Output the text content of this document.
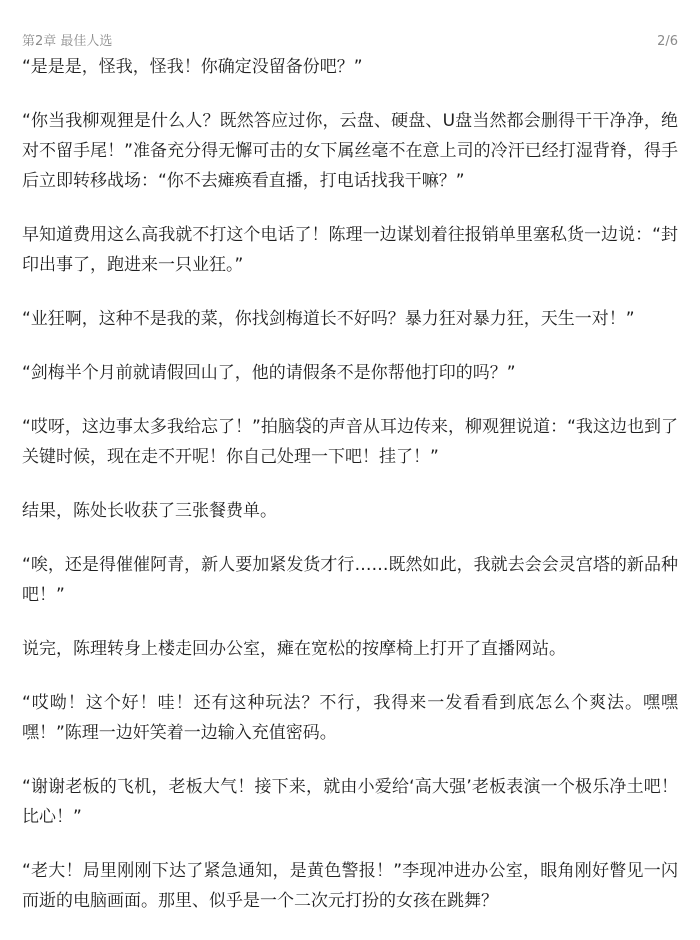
第2章 最佳人选	2/6

“是是是，怪我，怪我！你确定没留备份吧？”

“你当我柳观狸是什么人？既然答应过你，云盘、硬盘、U盘当然都会删得干干净净，绝对不留手尾！”准备充分得无懈可击的女下属丝毫不在意上司的冷汗已经打湿背脊，得手后立即转移战场：“你不去瘫痪看直播，打电话找我干嘛？”

早知道费用这么高我就不打这个电话了！陈理一边谋划着往报销单里塞私货一边说：“封印出事了，跑进来一只业狂。”

“业狂啊，这种不是我的菜，你找剑梅道长不好吗？暴力狂对暴力狂，天生一对！”

“剑梅半个月前就请假回山了，他的请假条不是你帮他打印的吗？”

“哎呀，这边事太多我给忘了！”拍脑袋的声音从耳边传来，柳观狸说道：“我这边也到了关键时候，现在走不开呢！你自己处理一下吧！挂了！”

结果，陈处长收获了三张餐费单。

“唉，还是得催催阿青，新人要加紧发货才行……既然如此，我就去会会灵宫塔的新品种吧！”

说完，陈理转身上楼走回办公室，瘫在宽松的按摩椅上打开了直播网站。

“哎呦！这个好！哇！还有这种玩法？不行，我得来一发看看到底怎么个爽法。嘿嘿嘿！”陈理一边奸笑着一边输入充值密码。

“谢谢老板的飞机，老板大气！接下来，就由小爱给‘高大强’老板表演一个极乐净土吧！比心！”

“老大！局里刚刚下达了紧急通知，是黄色警报！”李现冲进办公室，眼角刚好瞥见一闪而逝的电脑画面。那里、似乎是一个二次元打扮的女孩在跳舞？
